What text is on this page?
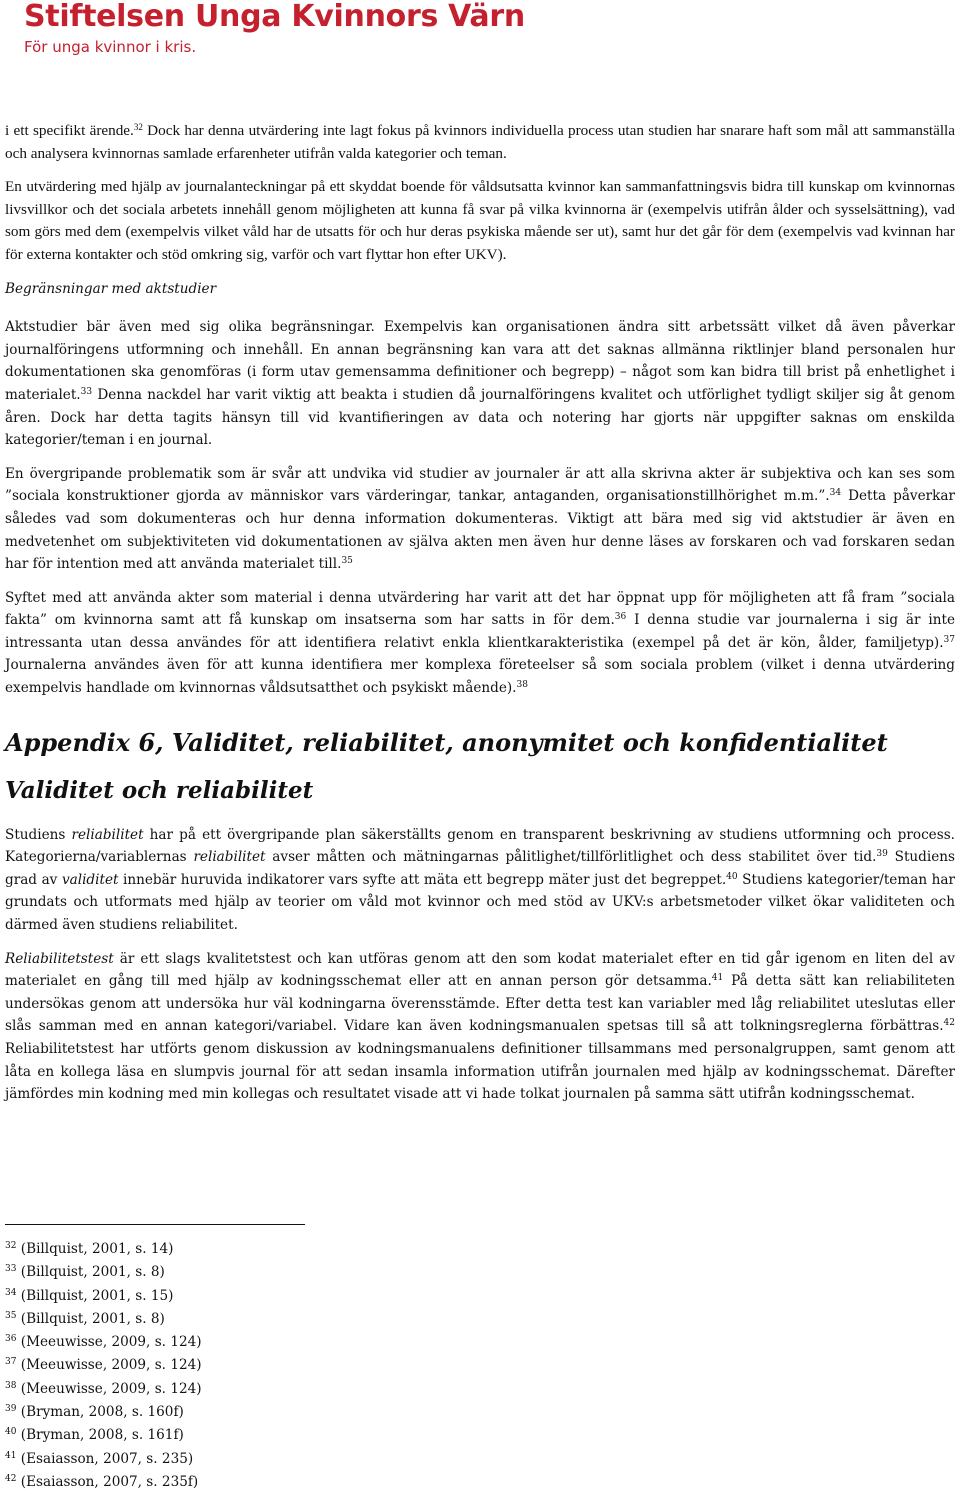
Stiftelsen Unga Kvinnors Värn
För unga kvinnor i kris.

i ett specifikt ärende.$^{32}$ Dock har denna utvärdering inte lagt fokus på kvinnors individuella process utan studien har snarare haft som mål att sammanställa och analysera kvinnornas samlade erfarenheter utifrån valda kategorier och teman.

En utvärdering med hjälp av journalanteckningar på ett skyddat boende för våldsutsatta kvinnor kan sammanfattningsvis bidra till kunskap om kvinnornas livsvillkor och det sociala arbetets innehåll genom möjligheten att kunna få svar på vilka kvinnorna är (exempelvis utifrån ålder och sysselsättning), vad som görs med dem (exempelvis vilket våld har de utsatts för och hur deras psykiska mående ser ut), samt hur det går för dem (exempelvis vad kvinnan har för externa kontakter och stöd omkring sig, varför och vart flyttar hon efter UKV).

Begränsningar med aktstudier

Aktstudier bär även med sig olika begränsningar. Exempelvis kan organisationen ändra sitt arbetssätt vilket då även påverkar journalföringens utformning och innehåll. En annan begränsning kan vara att det saknas allmänna riktlinjer bland personalen hur dokumentationen ska genomföras (i form utav gemensamma definitioner och begrepp) – något som kan bidra till brist på enhetlighet i materialet.$^{33}$ Denna nackdel har varit viktig att beakta i studien då journalföringens kvalitet och utförlighet tydligt skiljer sig åt genom åren. Dock har detta tagits hänsyn till vid kvantifieringen av data och notering har gjorts när uppgifter saknas om enskilda kategorier/teman i en journal.

En övergripande problematik som är svår att undvika vid studier av journaler är att alla skrivna akter är subjektiva och kan ses som ”sociala konstruktioner gjorda av människor vars värderingar, tankar, antaganden, organisationstillhörighet m.m.”.$^{34}$ Detta påverkar således vad som dokumenteras och hur denna information dokumenteras. Viktigt att bära med sig vid aktstudier är även en medvetenhet om subjektiviteten vid dokumentationen av själva akten men även hur denne läses av forskaren och vad forskaren sedan har för intention med att använda materialet till.$^{35}$

Syftet med att använda akter som material i denna utvärdering har varit att det har öppnat upp för möjligheten att få fram ”sociala fakta” om kvinnorna samt att få kunskap om insatserna som har satts in för dem.$^{36}$ I denna studie var journalerna i sig är inte intressanta utan dessa användes för att identifiera relativt enkla klientkarakteristika (exempel på det är kön, ålder, familjetyp).$^{37}$ Journalerna användes även för att kunna identifiera mer komplexa företeelser så som sociala problem (vilket i denna utvärdering exempelvis handlade om kvinnornas våldsutsatthet och psykiskt mående).$^{38}$

Appendix 6, Validitet, reliabilitet, anonymitet och konfidentialitet
Validitet och reliabilitet

Studiens reliabilitet har på ett övergripande plan säkerställts genom en transparent beskrivning av studiens utformning och process. Kategorierna/variablernas reliabilitet avser måtten och mätningarnas pålitlighet/tillförlitlighet och dess stabilitet över tid.$^{39}$ Studiens grad av validitet innebär huruvida indikatorer vars syfte att mäta ett begrepp mäter just det begreppet.$^{40}$ Studiens kategorier/teman har grundats och utformats med hjälp av teorier om våld mot kvinnor och med stöd av UKV:s arbetsmetoder vilket ökar validiteten och därmed även studiens reliabilitet.

Reliabilitetstest är ett slags kvalitetstest och kan utföras genom att den som kodat materialet efter en tid går igenom en liten del av materialet en gång till med hjälp av kodningsschemat eller att en annan person gör detsamma.$^{41}$ På detta sätt kan reliabiliteten undersökas genom att undersöka hur väl kodningarna överensstämde. Efter detta test kan variabler med låg reliabilitet uteslutas eller slås samman med en annan kategori/variabel. Vidare kan även kodningsmanualen spetsas till så att tolkningsreglerna förbättras.$^{42}$ Reliabilitetstest har utförts genom diskussion av kodningsmanualens definitioner tillsammans med personalgruppen, samt genom att låta en kollega läsa en slumpvis journal för att sedan insamla information utifrån journalen med hjälp av kodningsschemat. Därefter jämfördes min kodning med min kollegas och resultatet visade att vi hade tolkat journalen på samma sätt utifrån kodningsschemat.

$^{32}$ (Billquist, 2001, s. 14)
$^{33}$ (Billquist, 2001, s. 8)
$^{34}$ (Billquist, 2001, s. 15)
$^{35}$ (Billquist, 2001, s. 8)
$^{36}$ (Meeuwisse, 2009, s. 124)
$^{37}$ (Meeuwisse, 2009, s. 124)
$^{38}$ (Meeuwisse, 2009, s. 124)
$^{39}$ (Bryman, 2008, s. 160f)
$^{40}$ (Bryman, 2008, s. 161f)
$^{41}$ (Esaiasson, 2007, s. 235)
$^{42}$ (Esaiasson, 2007, s. 235f)
